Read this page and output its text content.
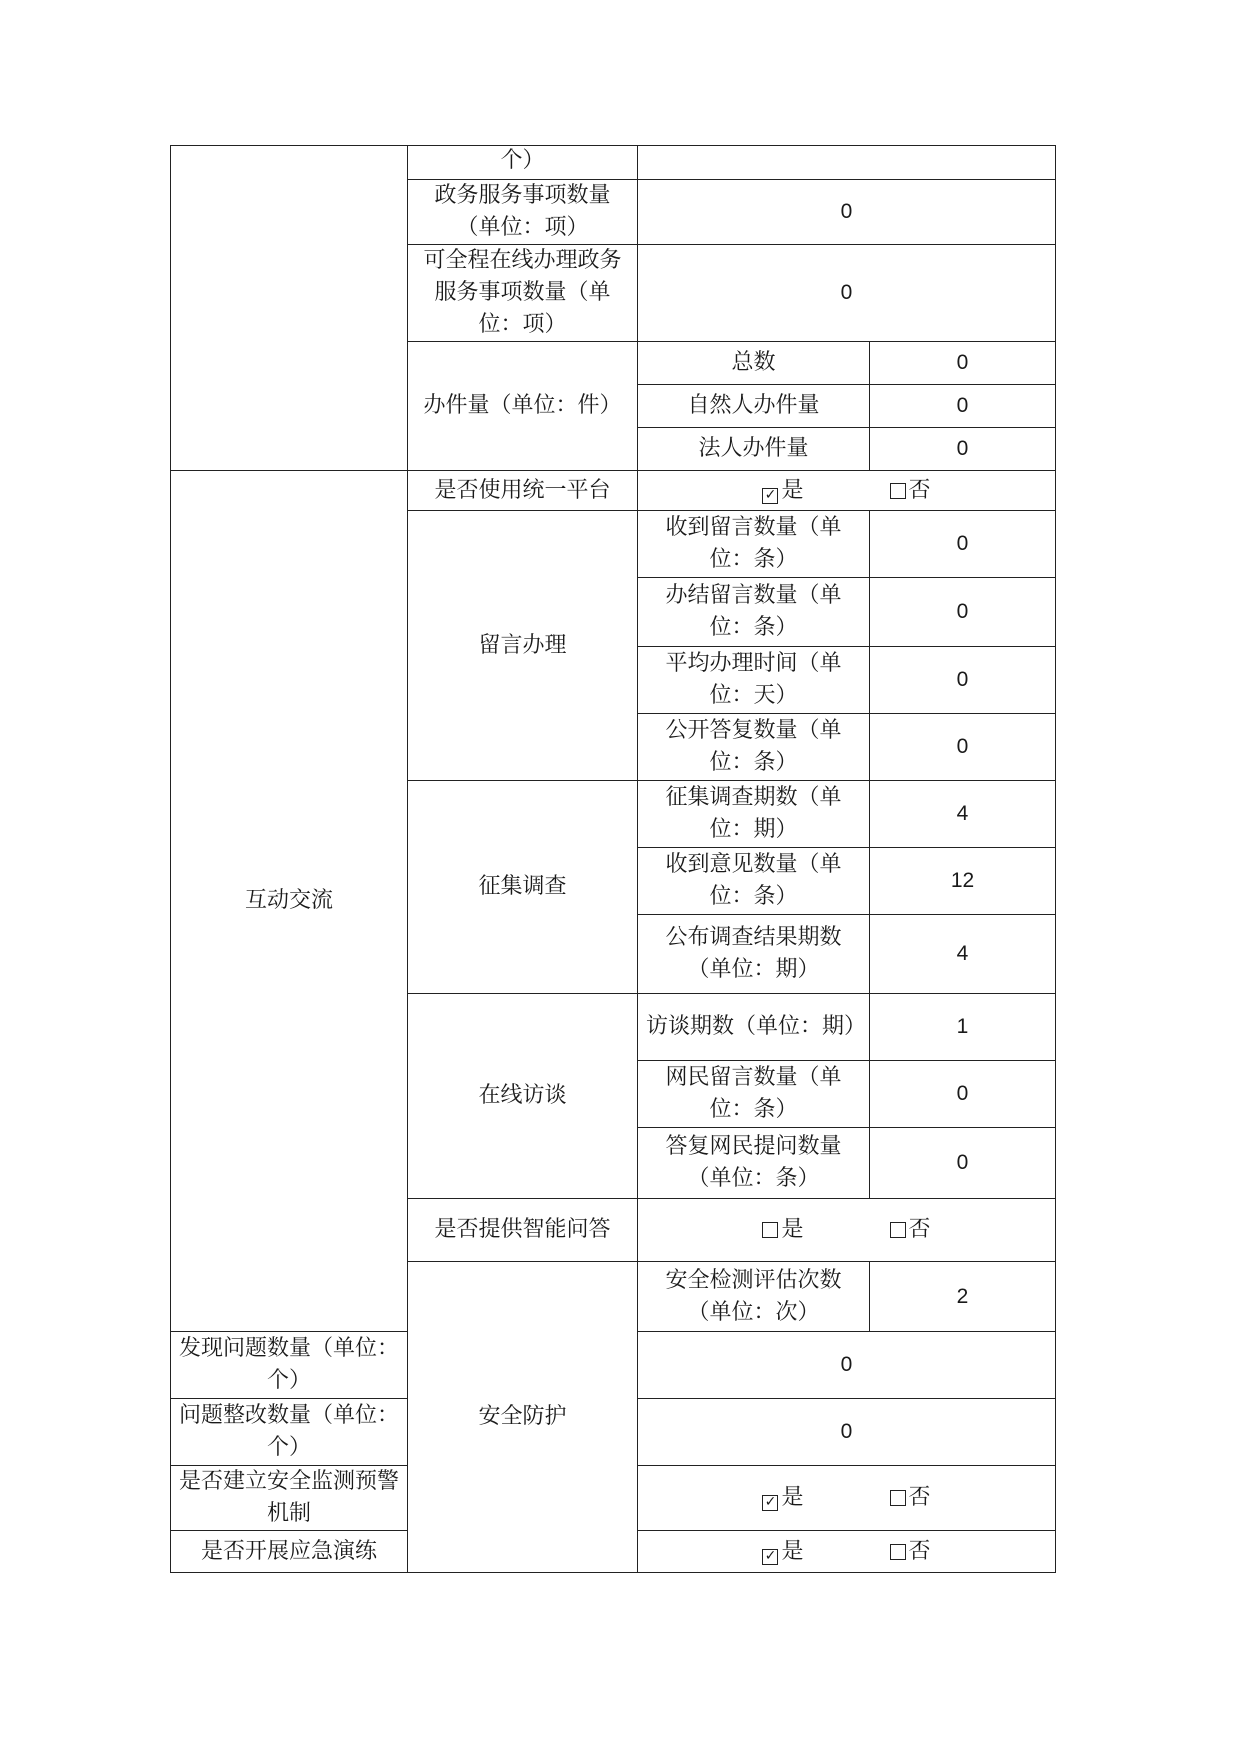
	个）		

	政务服务事项数量（单位：项）	0	
	可全程在线办理政务服务事项数量（单位：项）	0	
	办件量（单位：件）	总数	0
		自然人办件量	0
		法人办件量	0
互动交流	是否使用统一平台	✓ 是 否	
	留言办理	收到留言数量（单位：条）	0
		办结留言数量（单位：条）	0
		平均办理时间（单位：天）	0
		公开答复数量（单位：条）	0
	征集调查	征集调查期数（单位：期）	4
		收到意见数量（单位：条）	12
		公布调查结果期数（单位：期）	4
	在线访谈	访谈期数（单位：期）	1
		网民留言数量（单位：条）	0
		答复网民提问数量（单位：条）	0
	是否提供智能问答	是 否	
	安全防护	安全检测评估次数（单位：次）	2
发现问题数量（单位：个）		0	
问题整改数量（单位：个）		0	
是否建立安全监测预警机制		✓ 是 否	
是否开展应急演练		✓ 是 否	
